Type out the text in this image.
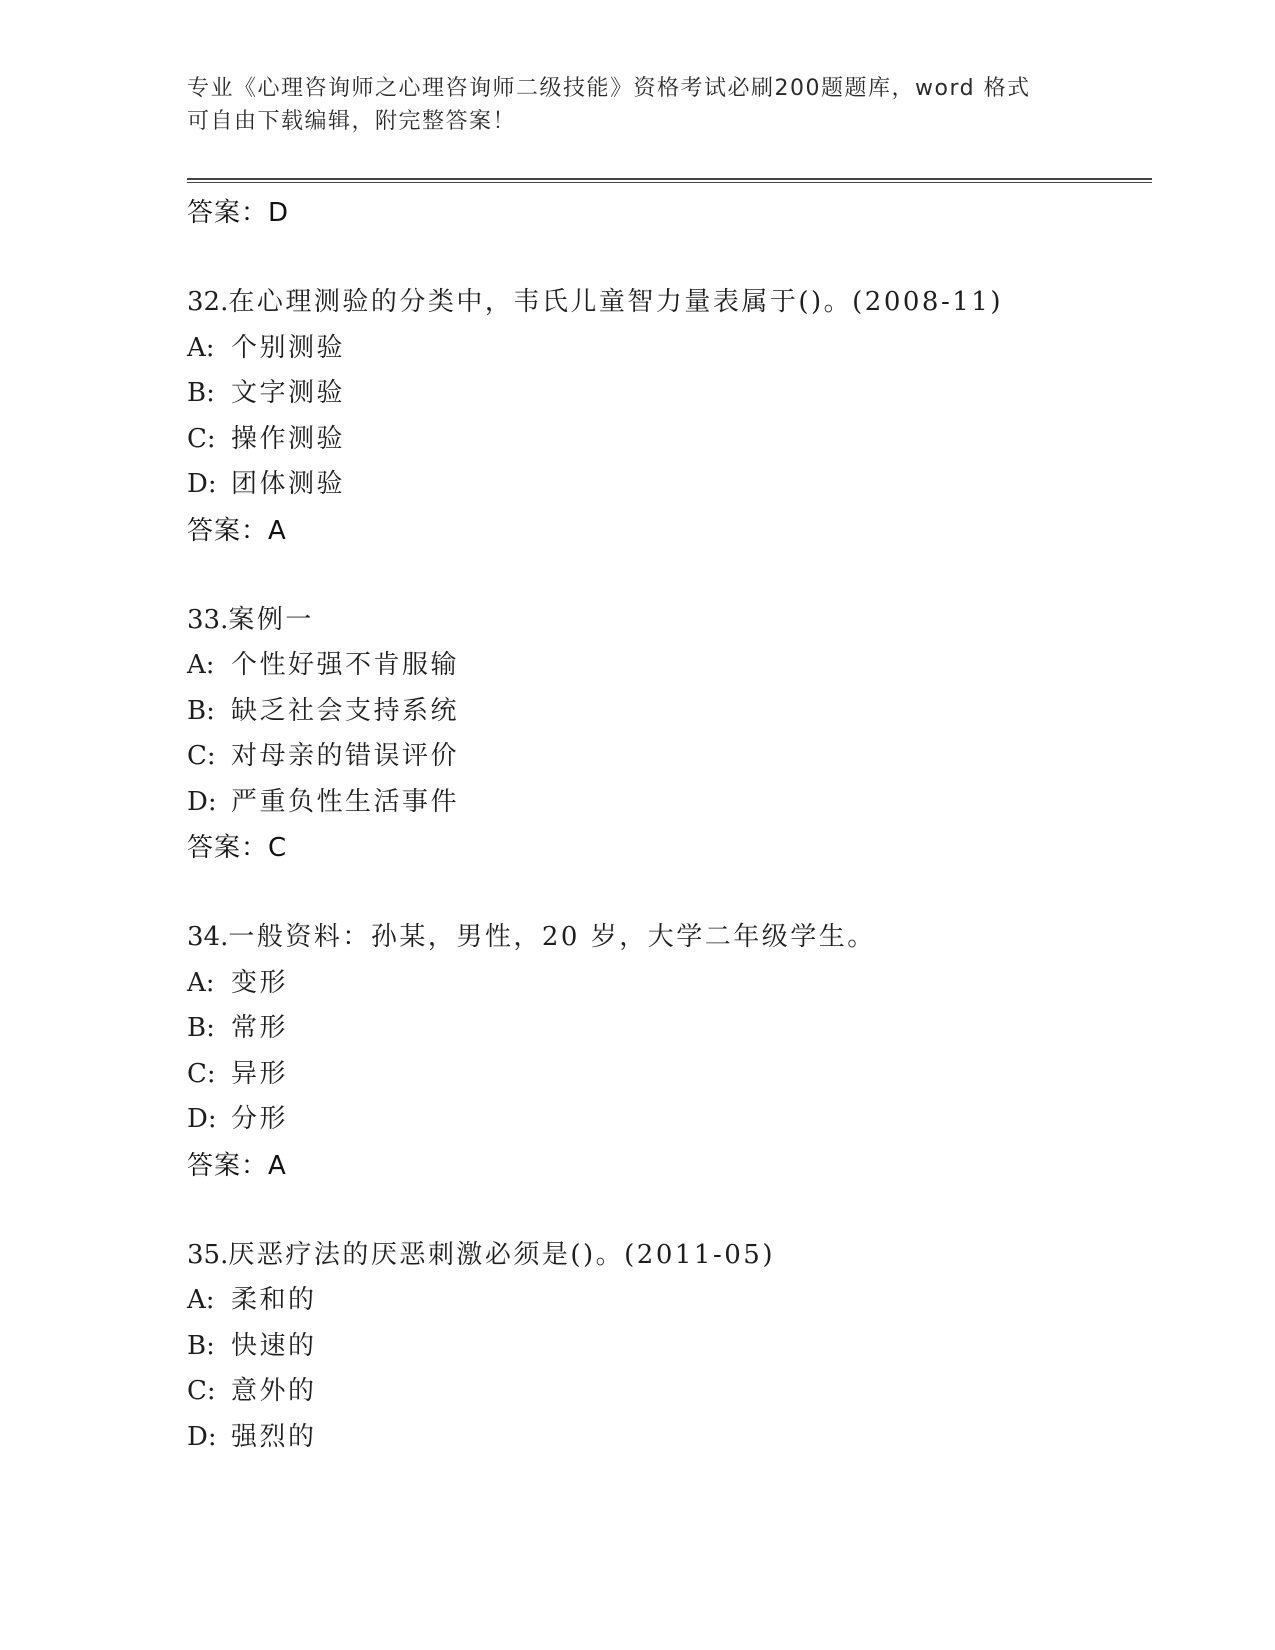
专业《心理咨询师之心理咨询师二级技能》资格考试必刷200题题库，word 格式
可自由下载编辑，附完整答案！
答案：D
32.在心理测验的分类中，韦氏儿童智力量表属于()。(2008-11)
A: 个别测验
B: 文字测验
C: 操作测验
D: 团体测验
答案：A
33.案例一
A: 个性好强不肯服输
B: 缺乏社会支持系统
C: 对母亲的错误评价
D: 严重负性生活事件
答案：C
34.一般资料：孙某，男性，20 岁，大学二年级学生。
A: 变形
B: 常形
C: 异形
D: 分形
答案：A
35.厌恶疗法的厌恶刺激必须是()。(2011-05)
A: 柔和的
B: 快速的
C: 意外的
D: 强烈的
